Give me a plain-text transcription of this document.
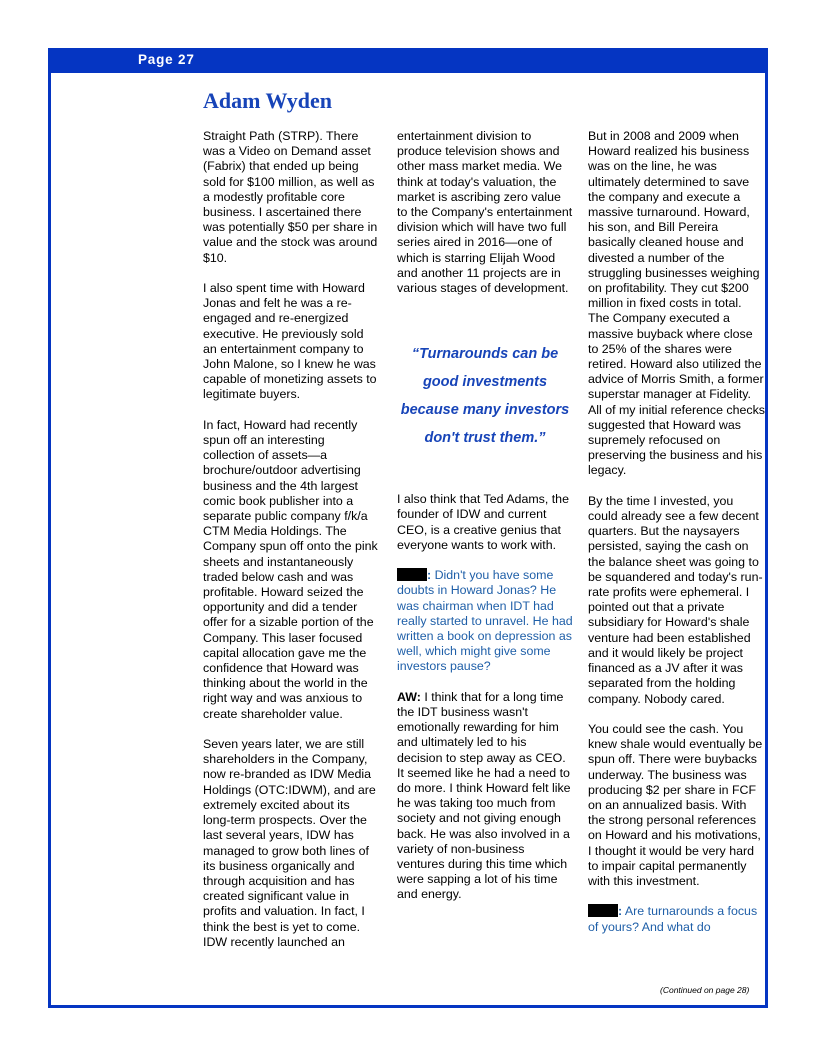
Page 27
Adam Wyden

Straight Path (STRP). There was a Video on Demand asset (Fabrix) that ended up being sold for $100 million, as well as a modestly profitable core business. I ascertained there was potentially $50 per share in value and the stock was around $10.

I also spent time with Howard Jonas and felt he was a re-engaged and re-energized executive. He previously sold an entertainment company to John Malone, so I knew he was capable of monetizing assets to legitimate buyers.

In fact, Howard had recently spun off an interesting collection of assets—a brochure/outdoor advertising business and the 4th largest comic book publisher into a separate public company f/k/a CTM Media Holdings. The Company spun off onto the pink sheets and instantaneously traded below cash and was profitable. Howard seized the opportunity and did a tender offer for a sizable portion of the Company. This laser focused capital allocation gave me the confidence that Howard was thinking about the world in the right way and was anxious to create shareholder value.

Seven years later, we are still shareholders in the Company, now re-branded as IDW Media Holdings (OTC:IDWM), and are extremely excited about its long-term prospects. Over the last several years, IDW has managed to grow both lines of its business organically and through acquisition and has created significant value in profits and valuation. In fact, I think the best is yet to come. IDW recently launched an

entertainment division to produce television shows and other mass market media. We think at today's valuation, the market is ascribing zero value to the Company's entertainment division which will have two full series aired in 2016—one of which is starring Elijah Wood and another 11 projects are in various stages of development.

“Turnarounds can be good investments because many investors don't trust them.”

I also think that Ted Adams, the founder of IDW and current CEO, is a creative genius that everyone wants to work with.

: Didn't you have some doubts in Howard Jonas? He was chairman when IDT had really started to unravel. He had written a book on depression as well, which might give some investors pause?

AW: I think that for a long time the IDT business wasn't emotionally rewarding for him and ultimately led to his decision to step away as CEO. It seemed like he had a need to do more. I think Howard felt like he was taking too much from society and not giving enough back. He was also involved in a variety of non-business ventures during this time which were sapping a lot of his time and energy.

But in 2008 and 2009 when Howard realized his business was on the line, he was ultimately determined to save the company and execute a massive turnaround. Howard, his son, and Bill Pereira basically cleaned house and divested a number of the struggling businesses weighing on profitability. They cut $200 million in fixed costs in total. The Company executed a massive buyback where close to 25% of the shares were retired. Howard also utilized the advice of Morris Smith, a former superstar manager at Fidelity. All of my initial reference checks suggested that Howard was supremely refocused on preserving the business and his legacy.

By the time I invested, you could already see a few decent quarters. But the naysayers persisted, saying the cash on the balance sheet was going to be squandered and today's run-rate profits were ephemeral. I pointed out that a private subsidiary for Howard's shale venture had been established and it would likely be project financed as a JV after it was separated from the holding company. Nobody cared.

You could see the cash. You knew shale would eventually be spun off. There were buybacks underway. The business was producing $2 per share in FCF on an annualized basis. With the strong personal references on Howard and his motivations, I thought it would be very hard to impair capital permanently with this investment.

: Are turnarounds a focus of yours? And what do

(Continued on page 28)
